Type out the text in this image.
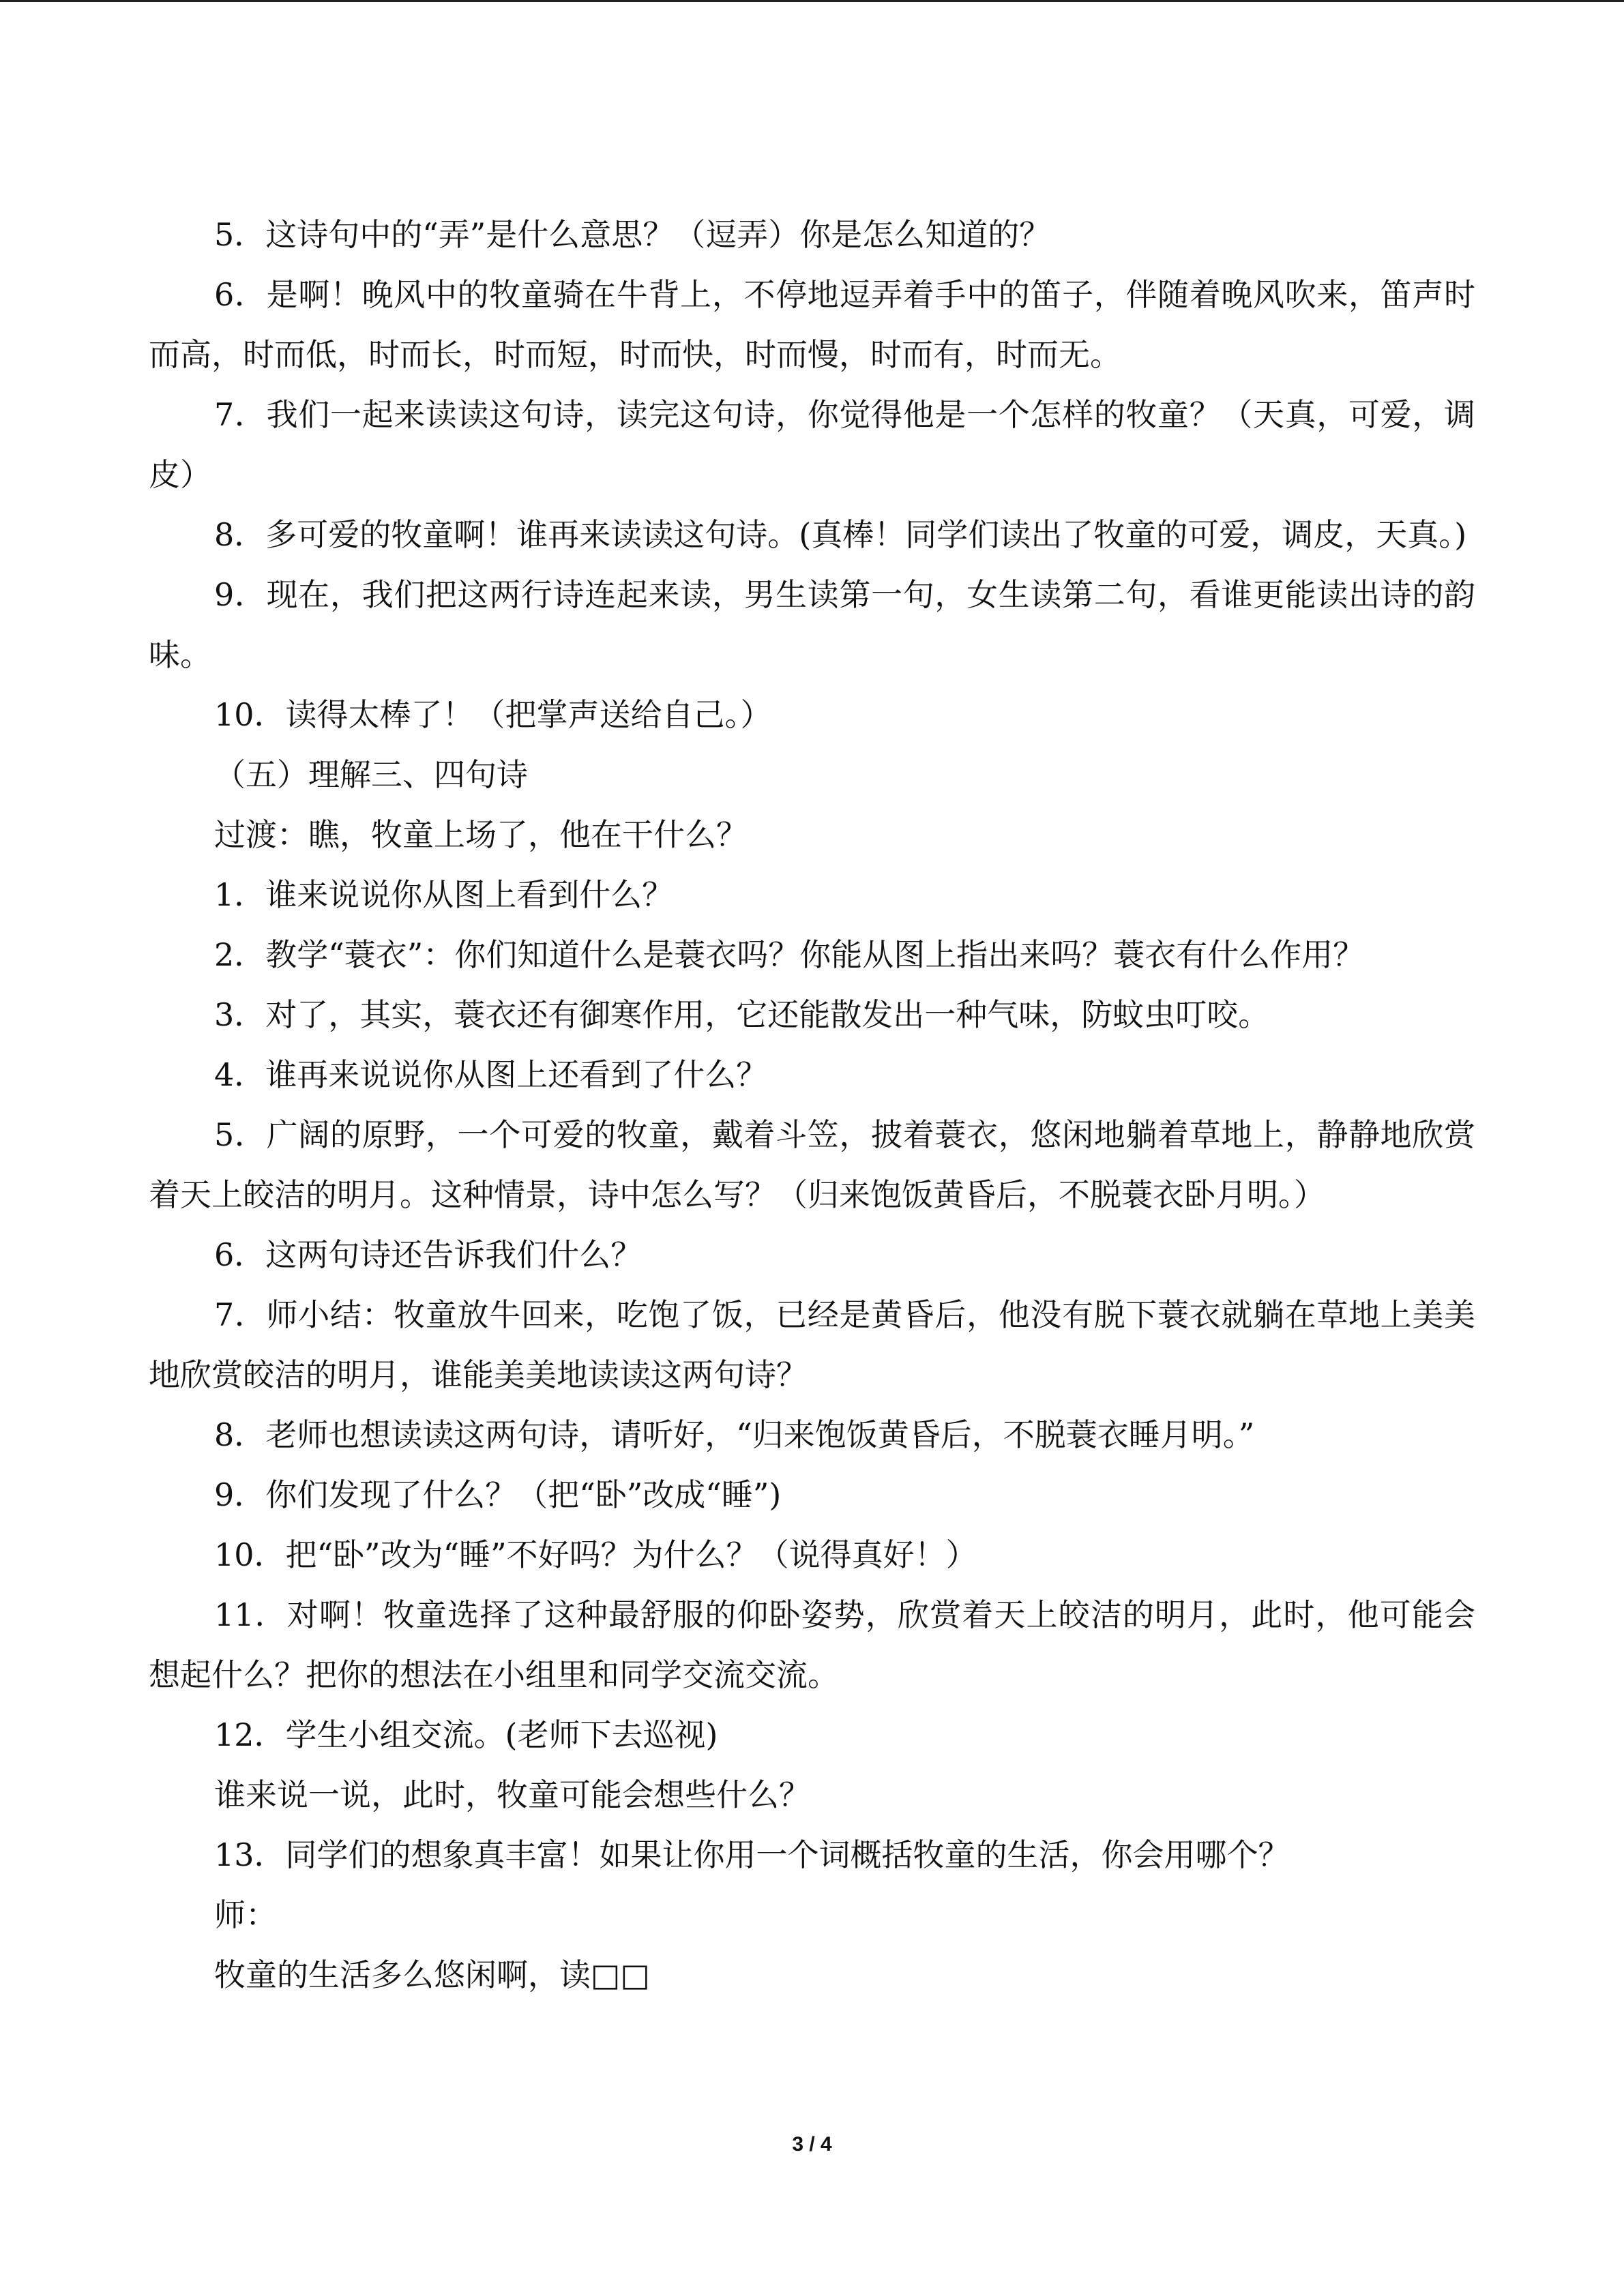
5．这诗句中的“弄”是什么意思？（逗弄）你是怎么知道的？

6．是啊！晚风中的牧童骑在牛背上，不停地逗弄着手中的笛子，伴随着晚风吹来，笛声时而高，时而低，时而长，时而短，时而快，时而慢，时而有，时而无。

7．我们一起来读读这句诗，读完这句诗，你觉得他是一个怎样的牧童？（天真，可爱，调皮）

8．多可爱的牧童啊！谁再来读读这句诗。(真棒！同学们读出了牧童的可爱，调皮，天真。)

9．现在，我们把这两行诗连起来读，男生读第一句，女生读第二句，看谁更能读出诗的韵味。

10．读得太棒了！（把掌声送给自己。）

（五）理解三、四句诗

过渡：瞧，牧童上场了，他在干什么？

1．谁来说说你从图上看到什么？

2．教学“蓑衣”：你们知道什么是蓑衣吗？你能从图上指出来吗？蓑衣有什么作用？

3．对了，其实，蓑衣还有御寒作用，它还能散发出一种气味，防蚊虫叮咬。

4．谁再来说说你从图上还看到了什么？

5．广阔的原野，一个可爱的牧童，戴着斗笠，披着蓑衣，悠闲地躺着草地上，静静地欣赏着天上皎洁的明月。这种情景，诗中怎么写？（归来饱饭黄昏后，不脱蓑衣卧月明。）

6．这两句诗还告诉我们什么？

7．师小结：牧童放牛回来，吃饱了饭，已经是黄昏后，他没有脱下蓑衣就躺在草地上美美地欣赏皎洁的明月，谁能美美地读读这两句诗？

8．老师也想读读这两句诗，请听好，“归来饱饭黄昏后，不脱蓑衣睡月明。”

9．你们发现了什么？（把“卧”改成“睡”)

10．把“卧”改为“睡”不好吗？为什么？（说得真好！）

11．对啊！牧童选择了这种最舒服的仰卧姿势，欣赏着天上皎洁的明月，此时，他可能会想起什么？把你的想法在小组里和同学交流交流。

12．学生小组交流。(老师下去巡视)

谁来说一说，此时，牧童可能会想些什么？

13．同学们的想象真丰富！如果让你用一个词概括牧童的生活，你会用哪个？

师：

牧童的生活多么悠闲啊，读□□

3 / 4
